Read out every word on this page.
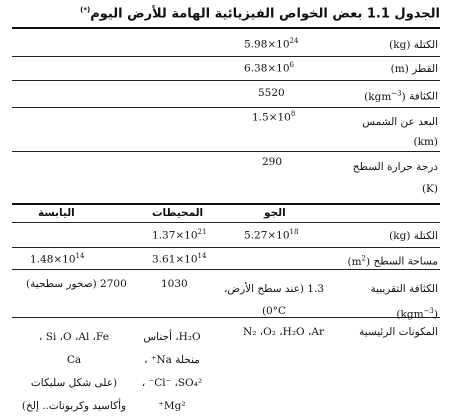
الجدول 1.1 بعض الخواص الفيزيائية الهامة للأرض اليوم(*)
الكتلة (kg)
$5.98\times 10^{24}$
القطر (m)
$6.38\times 10^6$
الكثافة (kgm$^{-3}$)
5520
البعد عن الشمس
(km)
$1.5\times 10^8$
درجة حرارة السطح
(K)
290
الجو
المحيطات
اليابسة
الكتلة (kg)
$5.27\times 10^{18}$
$1.37\times 10^{21}$
مساحة السطح $(m^2)$
$3.61\times 10^{14}$
$1.48\times 10^{14}$
الكثافة التقريبية
(kgm$^{-3}$)
1.3 (عند سطح الأرض،
(0°C
1030
2700 (صخور سطحية)
المكونات الرئيسية
N₂ ،O₂ ،H₂O ،Ar
H₂O، أجناس
منحلة Na⁺ ،
Cl⁻ ،SO₄²⁻ ،
Mg²⁺
Si ،O ،Al ،Fe ،
Ca
(على شكل سليكات
وأكاسيد وكربونات.. إلخ)
